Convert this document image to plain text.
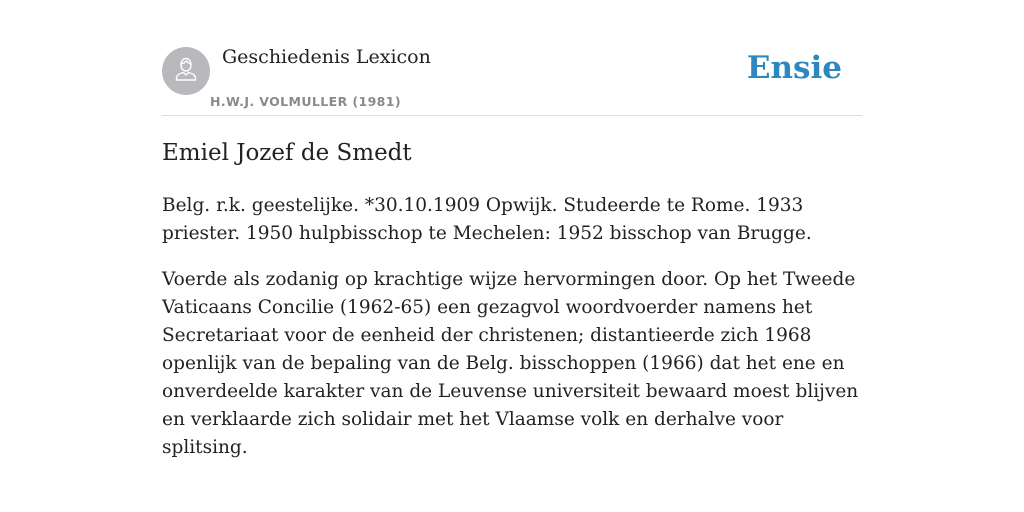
Geschiedenis Lexicon
H.W.J. VOLMULLER (1981)
Ensie
Emiel Jozef de Smedt

Belg. r.k. geestelijke. *30.10.1909 Opwijk. Studeerde te Rome. 1933 priester. 1950 hulpbisschop te Mechelen: 1952 bisschop van Brugge.

Voerde als zodanig op krachtige wijze hervormingen door. Op het Tweede Vaticaans Concilie (1962-65) een gezagvol woordvoerder namens het Secretariaat voor de eenheid der christenen; distantieerde zich 1968 openlijk van de bepaling van de Belg. bisschoppen (1966) dat het ene en onverdeelde karakter van de Leuvense universiteit bewaard moest blijven en verklaarde zich solidair met het Vlaamse volk en derhalve voor splitsing.
